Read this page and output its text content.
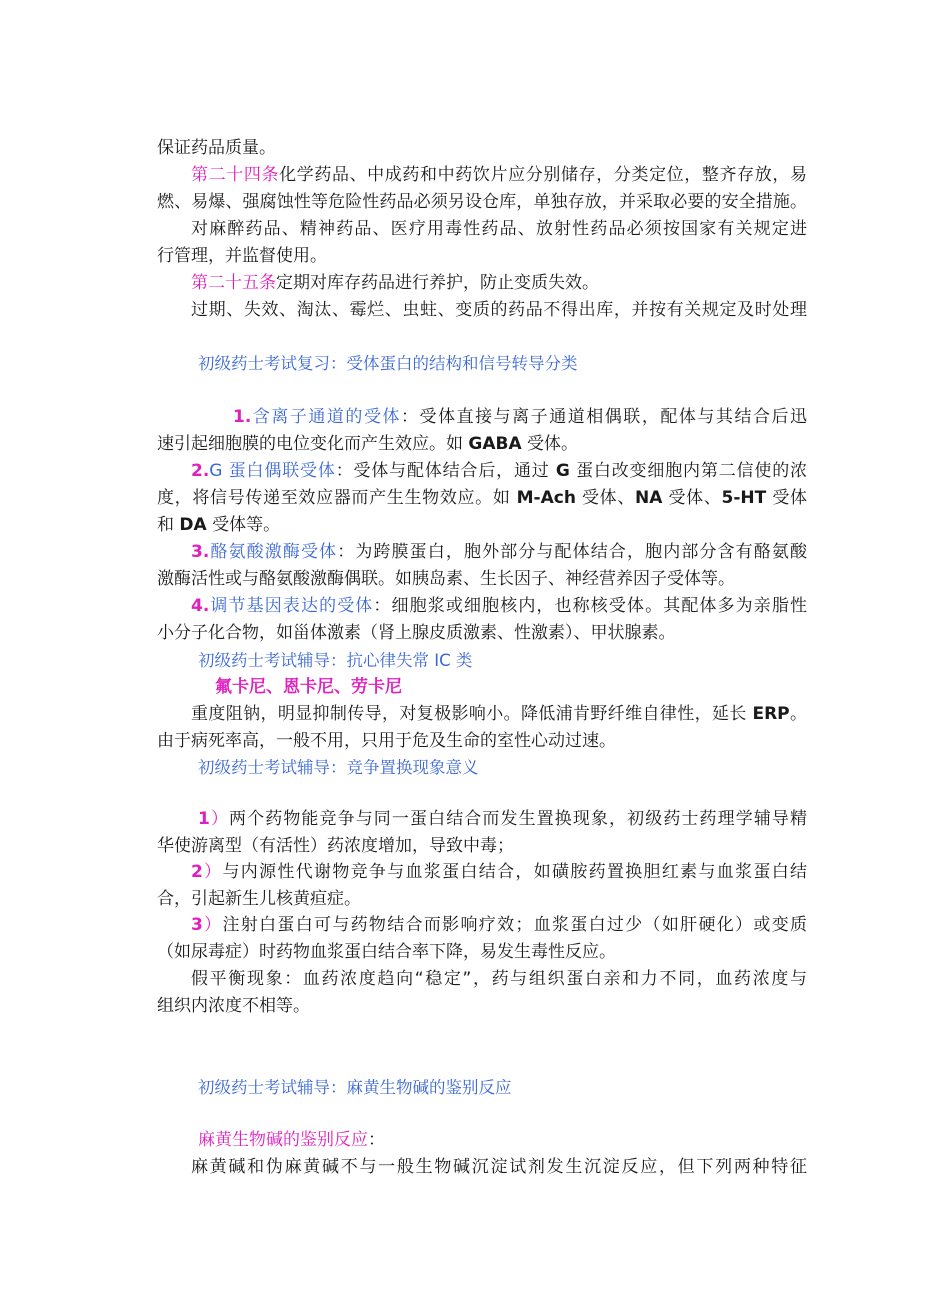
保证药品质量。
第二十四条化学药品、中成药和中药饮片应分别储存，分类定位，整齐存放，易
燃、易爆、强腐蚀性等危险性药品必须另设仓库，单独存放，并采取必要的安全措施。
对麻醉药品、精神药品、医疗用毒性药品、放射性药品必须按国家有关规定进
行管理，并监督使用。
第二十五条定期对库存药品进行养护，防止变质失效。
过期、失效、淘汰、霉烂、虫蛀、变质的药品不得出库，并按有关规定及时处理
初级药士考试复习：受体蛋白的结构和信号转导分类
1.含离子通道的受体：受体直接与离子通道相偶联，配体与其结合后迅
速引起细胞膜的电位变化而产生效应。如 GABA 受体。
2.G 蛋白偶联受体：受体与配体结合后，通过 G 蛋白改变细胞内第二信使的浓
度，将信号传递至效应器而产生生物效应。如 M-Ach 受体、NA 受体、5-HT 受体
和 DA 受体等。
3.酪氨酸激酶受体：为跨膜蛋白，胞外部分与配体结合，胞内部分含有酪氨酸
激酶活性或与酪氨酸激酶偶联。如胰岛素、生长因子、神经营养因子受体等。
4.调节基因表达的受体：细胞浆或细胞核内，也称核受体。其配体多为亲脂性
小分子化合物，如甾体激素（肾上腺皮质激素、性激素）、甲状腺素。
初级药士考试辅导：抗心律失常 IC 类
氟卡尼、恩卡尼、劳卡尼
重度阻钠，明显抑制传导，对复极影响小。降低浦肯野纤维自律性，延长 ERP。
由于病死率高，一般不用，只用于危及生命的室性心动过速。
初级药士考试辅导：竞争置换现象意义
1）两个药物能竞争与同一蛋白结合而发生置换现象，初级药士药理学辅导精
华使游离型（有活性）药浓度增加，导致中毒；
2）与内源性代谢物竞争与血浆蛋白结合，如磺胺药置换胆红素与血浆蛋白结
合，引起新生儿核黄疸症。
3）注射白蛋白可与药物结合而影响疗效；血浆蛋白过少（如肝硬化）或变质
（如尿毒症）时药物血浆蛋白结合率下降，易发生毒性反应。
假平衡现象：血药浓度趋向“稳定”，药与组织蛋白亲和力不同，血药浓度与
组织内浓度不相等。
初级药士考试辅导：麻黄生物碱的鉴别反应
麻黄生物碱的鉴别反应：
麻黄碱和伪麻黄碱不与一般生物碱沉淀试剂发生沉淀反应，但下列两种特征
